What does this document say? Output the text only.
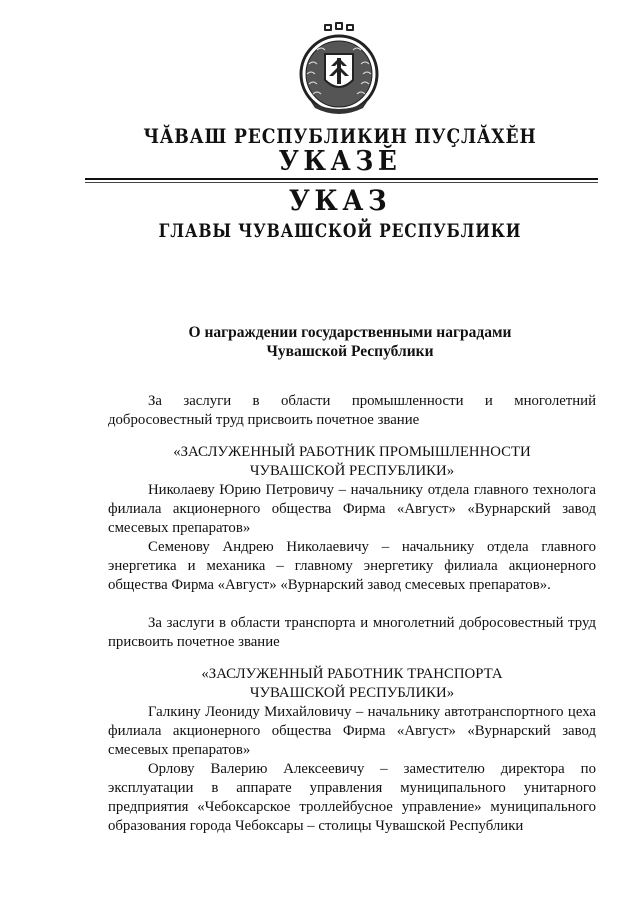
ЧĂВАШ РЕСПУБЛИКИН ПУÇЛĂХĔН
УКАЗĔ
УКАЗ
ГЛАВЫ ЧУВАШСКОЙ РЕСПУБЛИКИ
О награждении государственными наградами
Чувашской Республики

За заслуги в области промышленности и многолетний добросовестный труд присвоить почетное звание

«ЗАСЛУЖЕННЫЙ РАБОТНИК ПРОМЫШЛЕННОСТИ
ЧУВАШСКОЙ РЕСПУБЛИКИ»

Николаеву Юрию Петровичу – начальнику отдела главного технолога филиала акционерного общества Фирма «Август» «Вурнарский завод смесевых препаратов»

Семенову Андрею Николаевичу – начальнику отдела главного энергетика и механика – главному энергетику филиала акционерного общества Фирма «Август» «Вурнарский завод смесевых препаратов».

За заслуги в области транспорта и многолетний добросовестный труд присвоить почетное звание

«ЗАСЛУЖЕННЫЙ РАБОТНИК ТРАНСПОРТА
ЧУВАШСКОЙ РЕСПУБЛИКИ»

Галкину Леониду Михайловичу – начальнику автотранспортного цеха филиала акционерного общества Фирма «Август» «Вурнарский завод смесевых препаратов»

Орлову Валерию Алексеевичу – заместителю директора по эксплуатации в аппарате управления муниципального унитарного предприятия «Чебоксарское троллейбусное управление» муниципального образования города Чебоксары – столицы Чувашской Республики
